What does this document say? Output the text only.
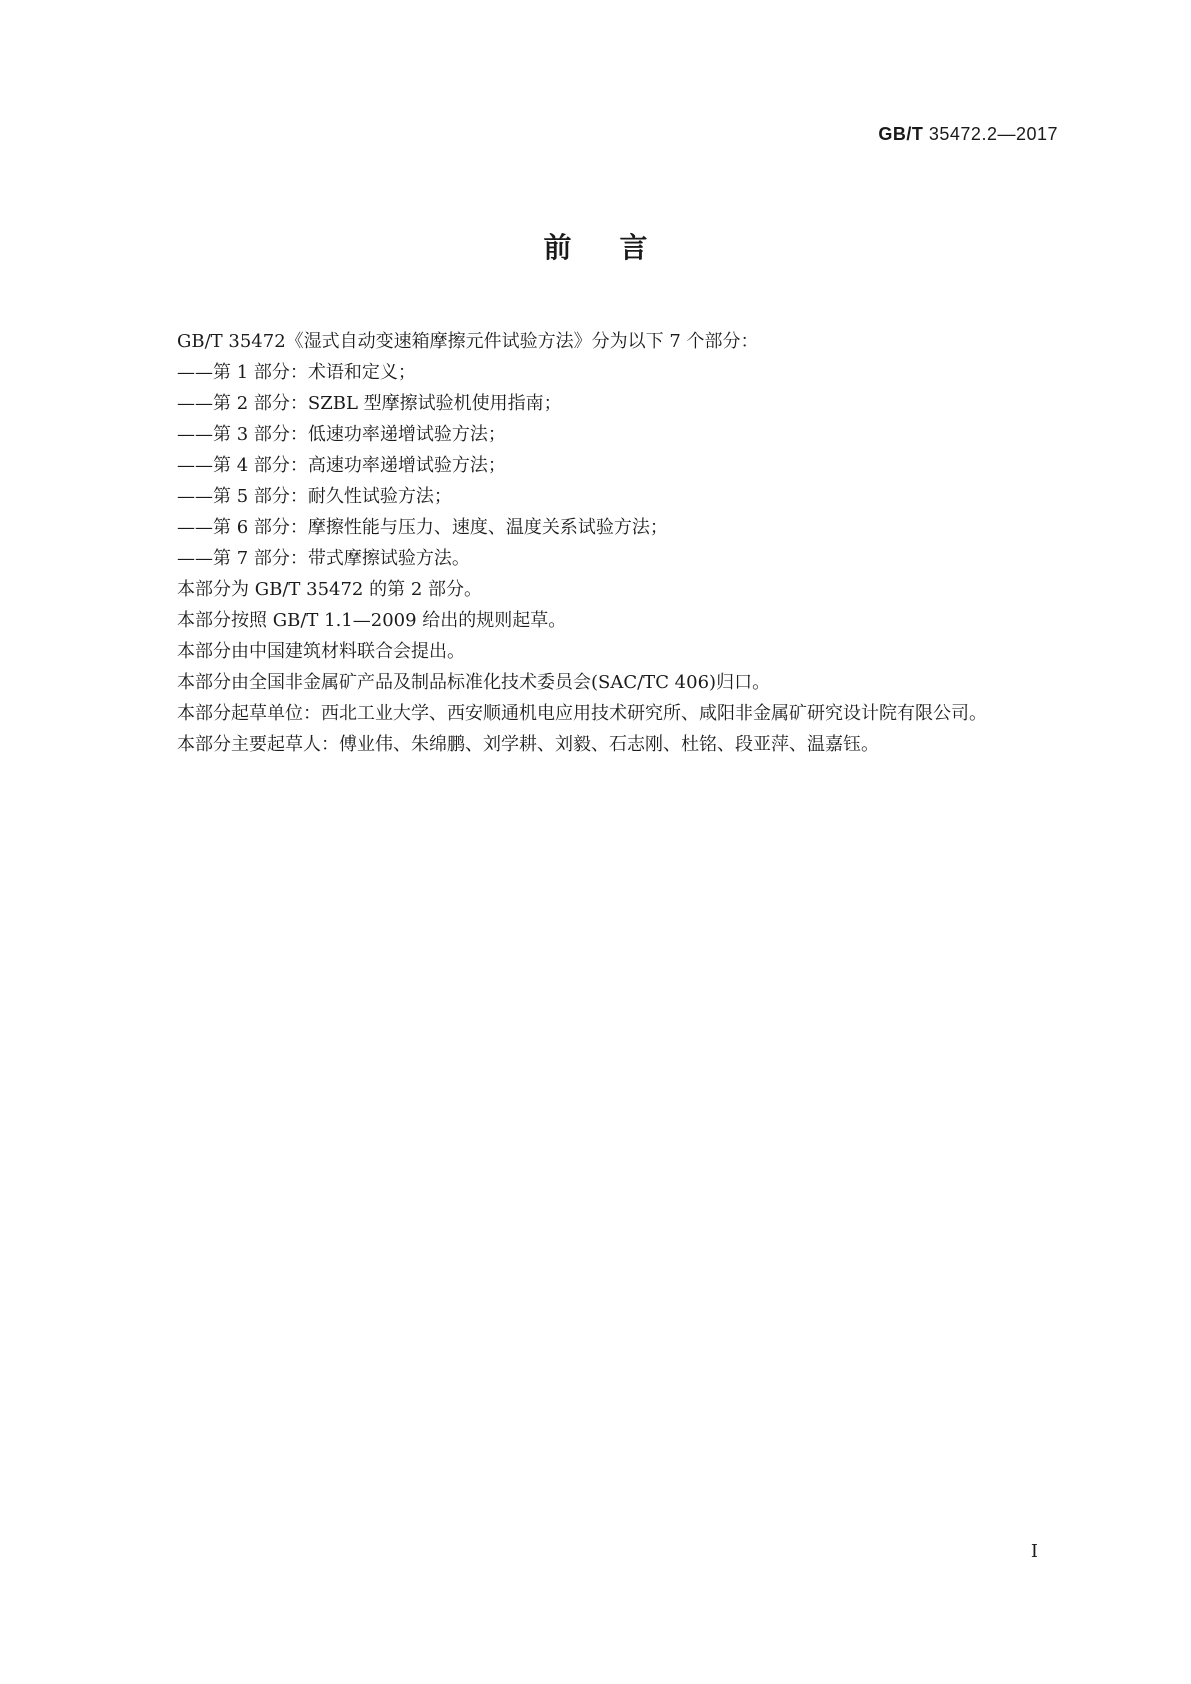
GB/T 35472.2—2017
前言

GB/T 35472《湿式自动变速箱摩擦元件试验方法》分为以下 7 个部分：

——第 1 部分：术语和定义；

——第 2 部分：SZBL 型摩擦试验机使用指南；

——第 3 部分：低速功率递增试验方法；

——第 4 部分：高速功率递增试验方法；

——第 5 部分：耐久性试验方法；

——第 6 部分：摩擦性能与压力、速度、温度关系试验方法；

——第 7 部分：带式摩擦试验方法。

本部分为 GB/T 35472 的第 2 部分。

本部分按照 GB/T 1.1—2009 给出的规则起草。

本部分由中国建筑材料联合会提出。

本部分由全国非金属矿产品及制品标准化技术委员会(SAC/TC 406)归口。

本部分起草单位：西北工业大学、西安顺通机电应用技术研究所、咸阳非金属矿研究设计院有限公司。

本部分主要起草人：傅业伟、朱绵鹏、刘学耕、刘毅、石志刚、杜铭、段亚萍、温嘉钰。

I
